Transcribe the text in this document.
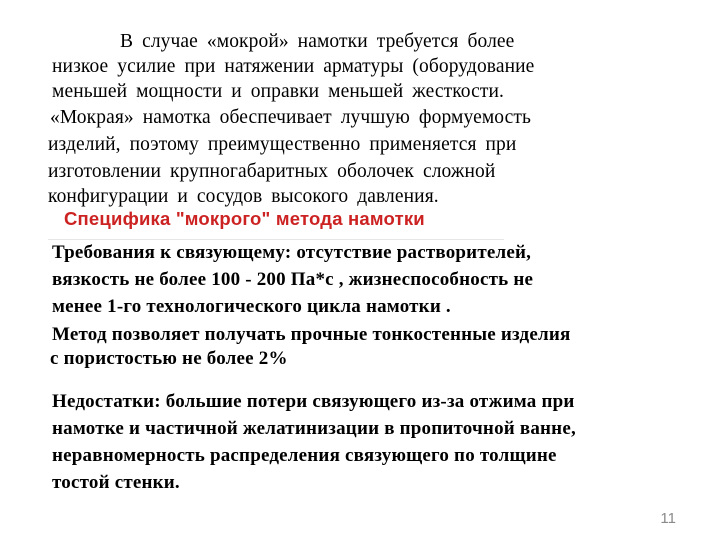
В случае «мокрой» намотки требуется более
низкое усилие при натяжении арматуры (оборудование
меньшей мощности и оправки меньшей жесткости.
«Мокрая» намотка обеспечивает лучшую формуемость
изделий, поэтому преимущественно применяется при
изготовлении крупногабаритных оболочек сложной
конфигурации и сосудов высокого давления.
Специфика "мокрого" метода намотки
Требования к связующему: отсутствие растворителей,
вязкость не более 100 - 200 Па*с , жизнеспособность не
менее 1-го технологического цикла намотки .
Метод позволяет получать прочные тонкостенные изделия
с пористостью не более 2%
Недостатки: большие потери связующего из-за отжима при
намотке и частичной желатинизации в пропиточной ванне,
неравномерность распределения связующего по толщине
тостой стенки.
11
